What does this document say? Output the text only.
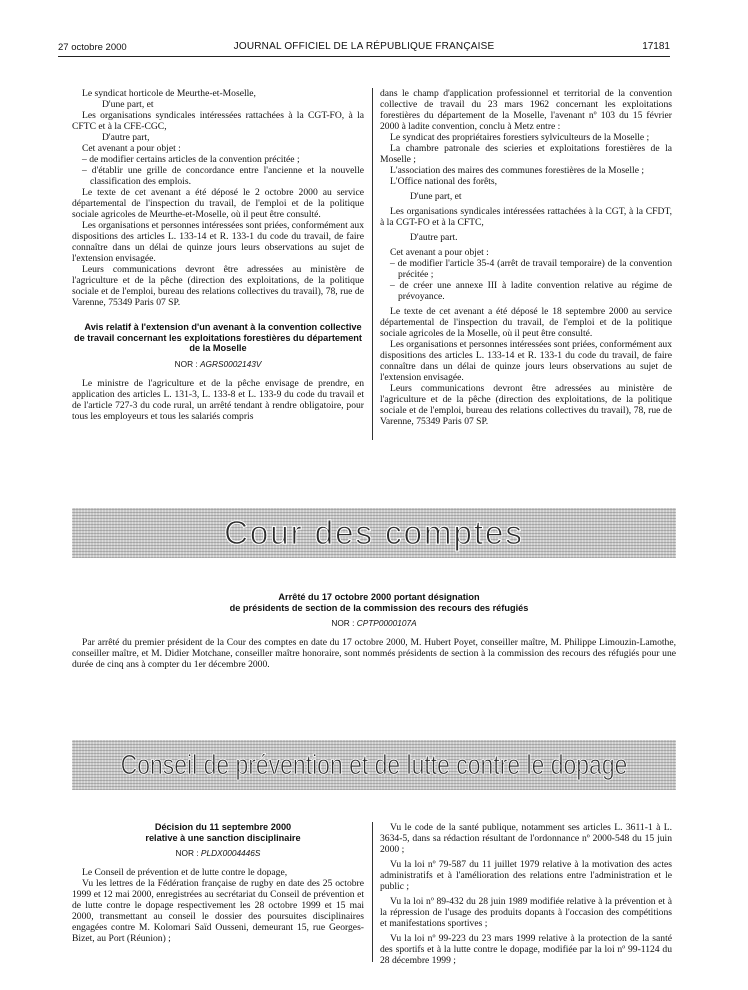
27 octobre 2000	JOURNAL OFFICIEL DE LA RÉPUBLIQUE FRANÇAISE	17181

Le syndicat horticole de Meurthe-et-Moselle,

D'une part, et

Les organisations syndicales intéressées rattachées à la CGT-FO, à la CFTC et à la CFE-CGC,

D'autre part,

Cet avenant a pour objet :

– de modifier certains articles de la convention précitée ;

– d'établir une grille de concordance entre l'ancienne et la nouvelle classification des emplois.

Le texte de cet avenant a été déposé le 2 octobre 2000 au service départemental de l'inspection du travail, de l'emploi et de la politique sociale agricoles de Meurthe-et-Moselle, où il peut être consulté.

Les organisations et personnes intéressées sont priées, conformément aux dispositions des articles L. 133-14 et R. 133-1 du code du travail, de faire connaître dans un délai de quinze jours leurs observations au sujet de l'extension envisagée.

Leurs communications devront être adressées au ministère de l'agriculture et de la pêche (direction des exploitations, de la politique sociale et de l'emploi, bureau des relations collectives du travail), 78, rue de Varenne, 75349 Paris 07 SP.

Avis relatif à l'extension d'un avenant à la convention collective de travail concernant les exploitations forestières du département de la Moselle

NOR : AGRS0002143V

Le ministre de l'agriculture et de la pêche envisage de prendre, en application des articles L. 131-3, L. 133-8 et L. 133-9 du code du travail et de l'article 727-3 du code rural, un arrêté tendant à rendre obligatoire, pour tous les employeurs et tous les salariés compris

dans le champ d'application professionnel et territorial de la convention collective de travail du 23 mars 1962 concernant les exploitations forestières du département de la Moselle, l'avenant nº 103 du 15 février 2000 à ladite convention, conclu à Metz entre :

Le syndicat des propriétaires forestiers sylviculteurs de la Moselle ;

La chambre patronale des scieries et exploitations forestières de la Moselle ;

L'association des maires des communes forestières de la Moselle ;

L'Office national des forêts,

D'une part, et

Les organisations syndicales intéressées rattachées à la CGT, à la CFDT, à la CGT-FO et à la CFTC,

D'autre part.

Cet avenant a pour objet :

– de modifier l'article 35-4 (arrêt de travail temporaire) de la convention précitée ;

– de créer une annexe III à ladite convention relative au régime de prévoyance.

Le texte de cet avenant a été déposé le 18 septembre 2000 au service départemental de l'inspection du travail, de l'emploi et de la politique sociale agricoles de la Moselle, où il peut être consulté.

Les organisations et personnes intéressées sont priées, conformément aux dispositions des articles L. 133-14 et R. 133-1 du code du travail, de faire connaître dans un délai de quinze jours leurs observations au sujet de l'extension envisagée.

Leurs communications devront être adressées au ministère de l'agriculture et de la pêche (direction des exploitations, de la politique sociale et de l'emploi, bureau des relations collectives du travail), 78, rue de Varenne, 75349 Paris 07 SP.

Cour des comptes

Arrêté du 17 octobre 2000 portant désignation

de présidents de section de la commission des recours des réfugiés

NOR : CPTP0000107A

Par arrêté du premier président de la Cour des comptes en date du 17 octobre 2000, M. Hubert Poyet, conseiller maître, M. Philippe Limouzin-Lamothe, conseiller maître, et M. Didier Motchane, conseiller maître honoraire, sont nommés présidents de section à la commission des recours des réfugiés pour une durée de cinq ans à compter du 1er décembre 2000.

Conseil de prévention et de lutte contre le dopage

Décision du 11 septembre 2000

relative à une sanction disciplinaire

NOR : PLDX0004446S

Le Conseil de prévention et de lutte contre le dopage,

Vu les lettres de la Fédération française de rugby en date des 25 octobre 1999 et 12 mai 2000, enregistrées au secrétariat du Conseil de prévention et de lutte contre le dopage respectivement les 28 octobre 1999 et 15 mai 2000, transmettant au conseil le dossier des poursuites disciplinaires engagées contre M. Kolomari Saïd Ousseni, demeurant 15, rue Georges-Bizet, au Port (Réunion) ;

Vu le code de la santé publique, notamment ses articles L. 3611-1 à L. 3634-5, dans sa rédaction résultant de l'ordonnance nº 2000-548 du 15 juin 2000 ;

Vu la loi nº 79-587 du 11 juillet 1979 relative à la motivation des actes administratifs et à l'amélioration des relations entre l'administration et le public ;

Vu la loi nº 89-432 du 28 juin 1989 modifiée relative à la prévention et à la répression de l'usage des produits dopants à l'occasion des compétitions et manifestations sportives ;

Vu la loi nº 99-223 du 23 mars 1999 relative à la protection de la santé des sportifs et à la lutte contre le dopage, modifiée par la loi nº 99-1124 du 28 décembre 1999 ;
